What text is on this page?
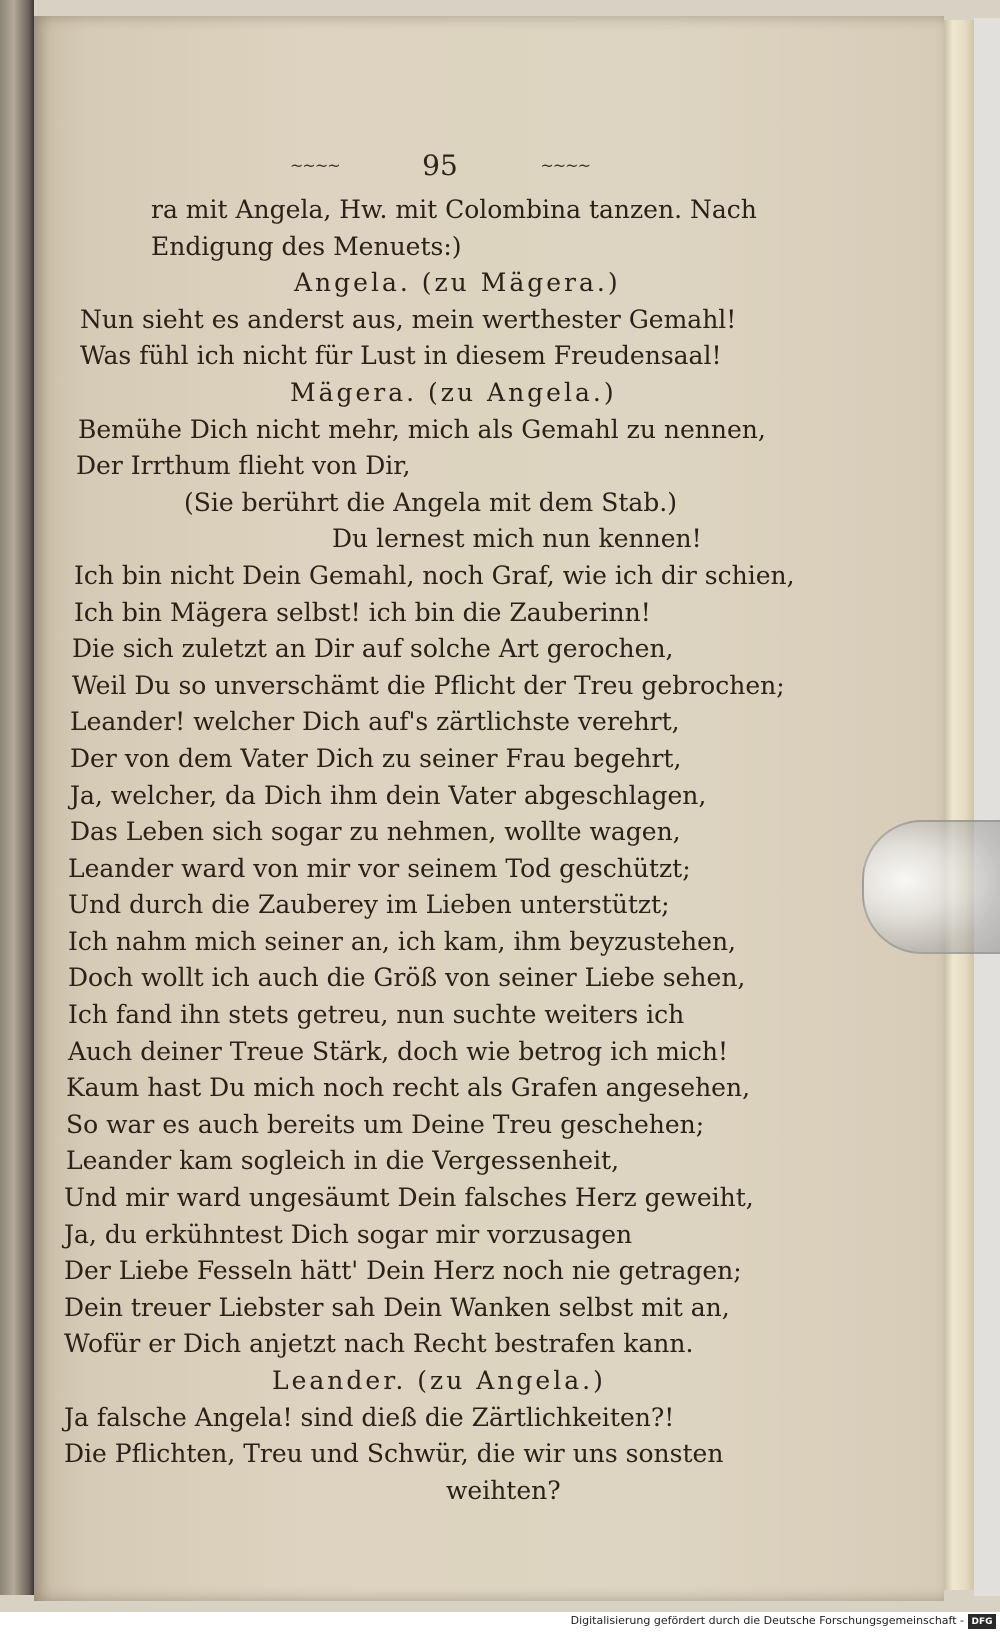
~~~~	95	~~~~
ra mit Angela, Hw. mit Colombina tanzen. Nach
Endigung des Menuets:)
Angela. (zu Mägera.)
Nun sieht es anderst aus, mein werthester Gemahl!
Was fühl ich nicht für Lust in diesem Freudensaal!
Mägera. (zu Angela.)
Bemühe Dich nicht mehr, mich als Gemahl zu nennen,
Der Irrthum flieht von Dir,
(Sie berührt die Angela mit dem Stab.)
Du lernest mich nun kennen!
Ich bin nicht Dein Gemahl, noch Graf, wie ich dir schien,
Ich bin Mägera selbst! ich bin die Zauberinn!
Die sich zuletzt an Dir auf solche Art gerochen,
Weil Du so unverschämt die Pflicht der Treu gebrochen;
Leander! welcher Dich auf's zärtlichste verehrt,
Der von dem Vater Dich zu seiner Frau begehrt,
Ja, welcher, da Dich ihm dein Vater abgeschlagen,
Das Leben sich sogar zu nehmen, wollte wagen,
Leander ward von mir vor seinem Tod geschützt;
Und durch die Zauberey im Lieben unterstützt;
Ich nahm mich seiner an, ich kam, ihm beyzustehen,
Doch wollt ich auch die Größ von seiner Liebe sehen,
Ich fand ihn stets getreu, nun suchte weiters ich
Auch deiner Treue Stärk, doch wie betrog ich mich!
Kaum hast Du mich noch recht als Grafen angesehen,
So war es auch bereits um Deine Treu geschehen;
Leander kam sogleich in die Vergessenheit,
Und mir ward ungesäumt Dein falsches Herz geweiht,
Ja, du erkühntest Dich sogar mir vorzusagen
Der Liebe Fesseln hätt' Dein Herz noch nie getragen;
Dein treuer Liebster sah Dein Wanken selbst mit an,
Wofür er Dich anjetzt nach Recht bestrafen kann.
Leander. (zu Angela.)
Ja falsche Angela! sind dieß die Zärtlichkeiten?!
Die Pflichten, Treu und Schwür, die wir uns sonsten
weihten?
Digitalisierung gefördert durch die Deutsche Forschungsgemeinschaft - DFG
